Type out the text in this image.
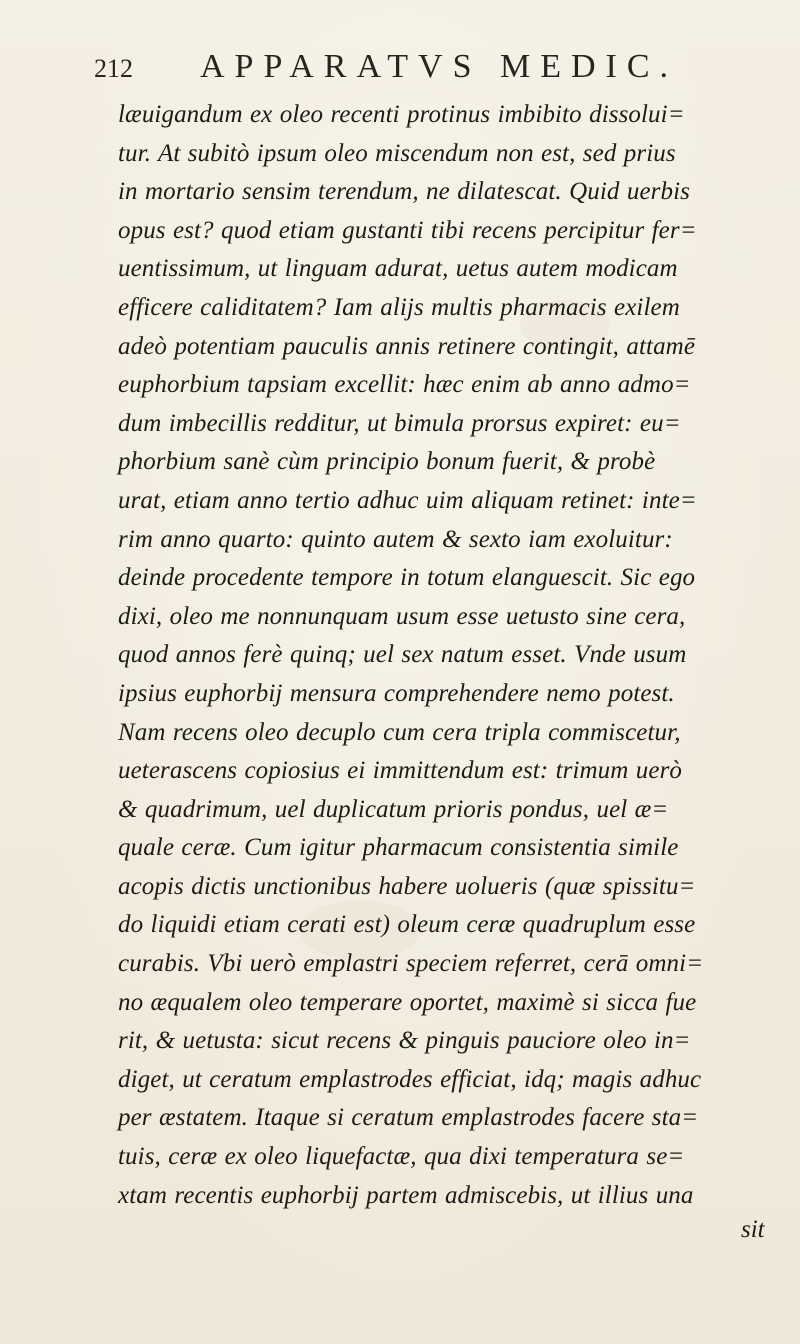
212 APPARATVS MEDIC.
læuigandum ex oleo recenti protinus imbibito dissolui=
tur. At subitò ipsum oleo miscendum non est, sed prius
in mortario sensim terendum, ne dilatescat. Quid uerbis
opus est? quod etiam gustanti tibi recens percipitur fer=
uentissimum, ut linguam adurat, uetus autem modicam
efficere caliditatem? Iam alijs multis pharmacis exilem
adeò potentiam pauculis annis retinere contingit, attamē
euphorbium tapsiam excellit: hæc enim ab anno admo=
dum imbecillis redditur, ut bimula prorsus expiret: eu=
phorbium sanè cùm principio bonum fuerit, & probè
urat, etiam anno tertio adhuc uim aliquam retinet: inte=
rim anno quarto: quinto autem & sexto iam exoluitur:
deinde procedente tempore in totum elanguescit. Sic ego
dixi, oleo me nonnunquam usum esse uetusto sine cera,
quod annos ferè quinq; uel sex natum esset. Vnde usum
ipsius euphorbij mensura comprehendere nemo potest.
Nam recens oleo decuplo cum cera tripla commiscetur,
ueterascens copiosius ei immittendum est: trimum uerò
& quadrimum, uel duplicatum prioris pondus, uel æ=
quale ceræ. Cum igitur pharmacum consistentia simile
acopis dictis unctionibus habere uolueris (quæ spissitu=
do liquidi etiam cerati est) oleum ceræ quadruplum esse
curabis. Vbi uerò emplastri speciem referret, cerā omni=
no æqualem oleo temperare oportet, maximè si sicca fue
rit, & uetusta: sicut recens & pinguis pauciore oleo in=
diget, ut ceratum emplastrodes efficiat, idq; magis adhuc
per æstatem. Itaque si ceratum emplastrodes facere sta=
tuis, ceræ ex oleo liquefactæ, qua dixi temperatura se=
xtam recentis euphorbij partem admiscebis, ut illius una
sit
